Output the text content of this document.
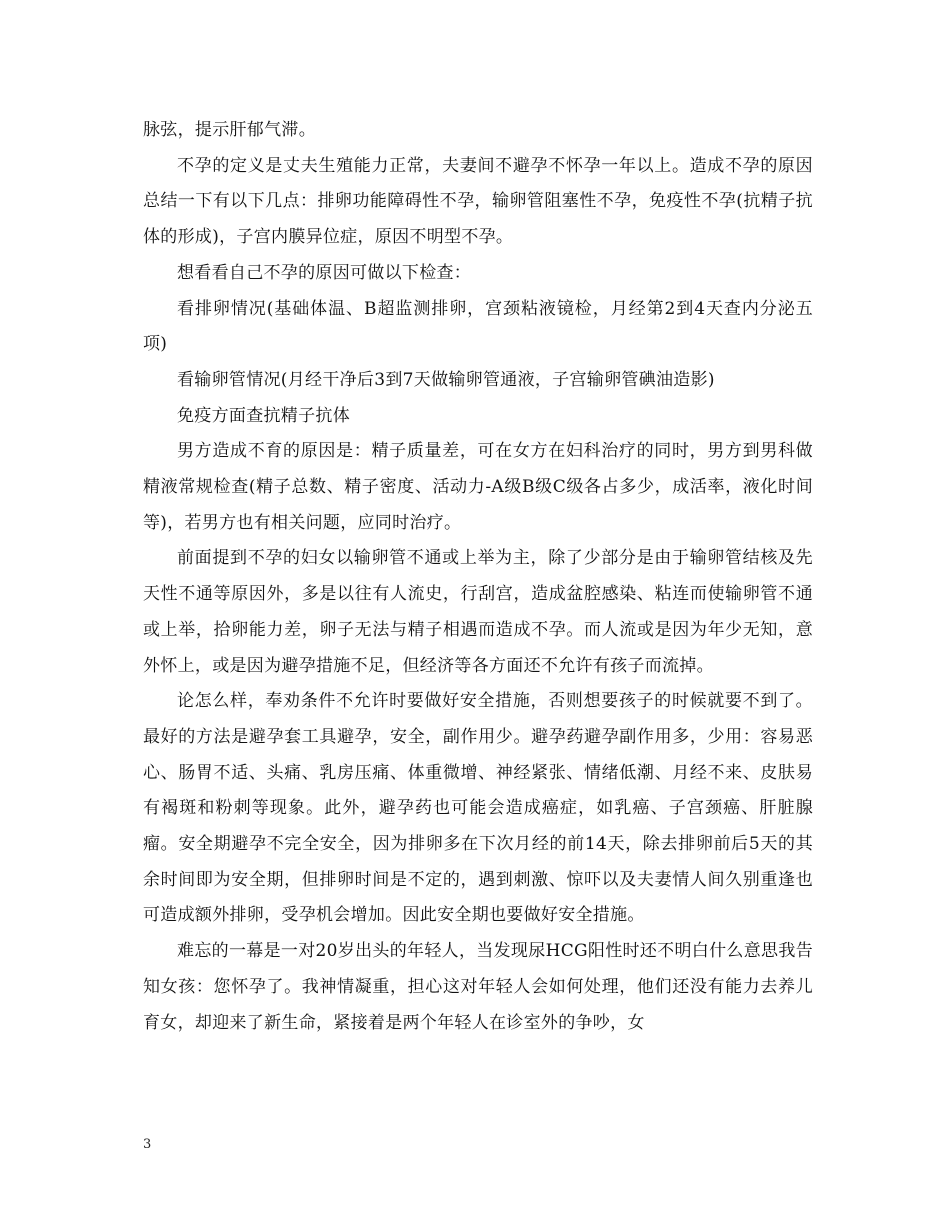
脉弦，提示肝郁气滞。

不孕的定义是丈夫生殖能力正常，夫妻间不避孕不怀孕一年以上。造成不孕的原因总结一下有以下几点：排卵功能障碍性不孕，输卵管阻塞性不孕，免疫性不孕(抗精子抗体的形成)，子宫内膜异位症，原因不明型不孕。

想看看自己不孕的原因可做以下检查：

看排卵情况(基础体温、B超监测排卵，宫颈粘液镜检，月经第2到4天查内分泌五项)

看输卵管情况(月经干净后3到7天做输卵管通液，子宫输卵管碘油造影)

免疫方面查抗精子抗体

男方造成不育的原因是：精子质量差，可在女方在妇科治疗的同时，男方到男科做精液常规检查(精子总数、精子密度、活动力-A级B级C级各占多少，成活率，液化时间等)，若男方也有相关问题，应同时治疗。

前面提到不孕的妇女以输卵管不通或上举为主，除了少部分是由于输卵管结核及先天性不通等原因外，多是以往有人流史，行刮宫，造成盆腔感染、粘连而使输卵管不通或上举，拾卵能力差，卵子无法与精子相遇而造成不孕。而人流或是因为年少无知，意外怀上，或是因为避孕措施不足，但经济等各方面还不允许有孩子而流掉。

论怎么样，奉劝条件不允许时要做好安全措施，否则想要孩子的时候就要不到了。最好的方法是避孕套工具避孕，安全，副作用少。避孕药避孕副作用多，少用：容易恶心、肠胃不适、头痛、乳房压痛、体重微增、神经紧张、情绪低潮、月经不来、皮肤易有褐斑和粉刺等现象。此外，避孕药也可能会造成癌症，如乳癌、子宫颈癌、肝脏腺瘤。安全期避孕不完全安全，因为排卵多在下次月经的前14天，除去排卵前后5天的其余时间即为安全期，但排卵时间是不定的，遇到刺激、惊吓以及夫妻情人间久别重逢也可造成额外排卵，受孕机会增加。因此安全期也要做好安全措施。

难忘的一幕是一对20岁出头的年轻人，当发现尿HCG阳性时还不明白什么意思我告知女孩：您怀孕了。我神情凝重，担心这对年轻人会如何处理，他们还没有能力去养儿育女，却迎来了新生命，紧接着是两个年轻人在诊室外的争吵，女

3
